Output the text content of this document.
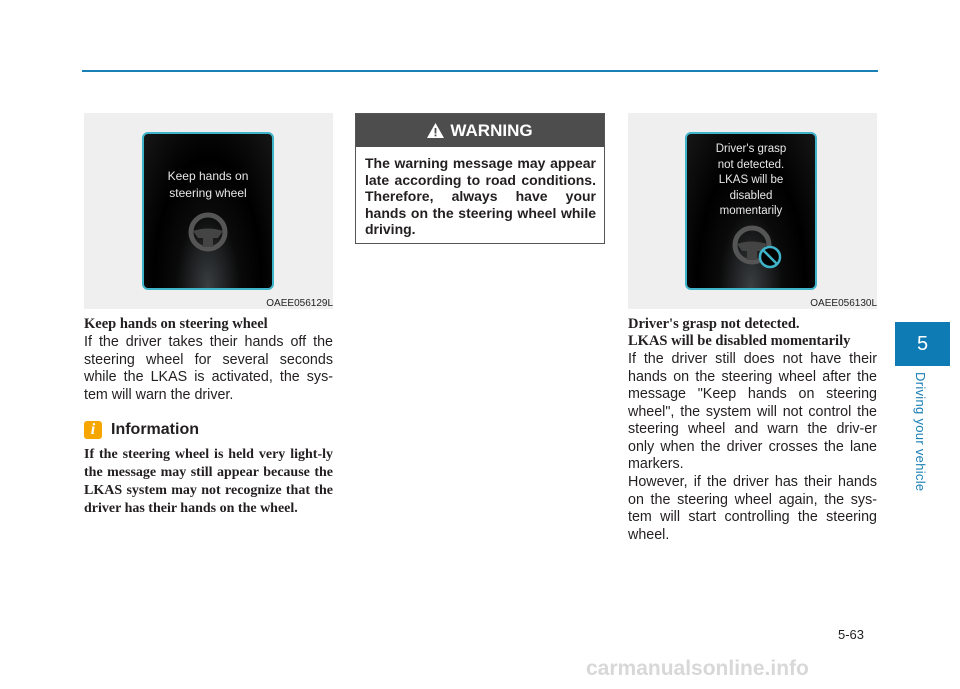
Keep hands on
steering wheel
OAEE056129L
Keep hands on steering wheel
If the driver takes their hands off the steering wheel for several seconds while the LKAS is activated, the sys-tem will warn the driver.
i Information
If the steering wheel is held very light-ly the message may still appear because the LKAS system may not recognize that the driver has their hands on the wheel.
WARNING
The warning message may appear late according to road conditions. Therefore, always have your hands on the steering wheel while driving.
Driver's grasp
not detected.
LKAS will be
disabled
momentarily
OAEE056130L
Driver's grasp not detected.
LKAS will be disabled momentarily
If the driver still does not have their hands on the steering wheel after the message "Keep hands on steering wheel", the system will not control the steering wheel and warn the driv-er only when the driver crosses the lane markers.
However, if the driver has their hands on the steering wheel again, the sys-tem will start controlling the steering wheel.
5
Driving your vehicle
5-63
carmanualsonline.info
